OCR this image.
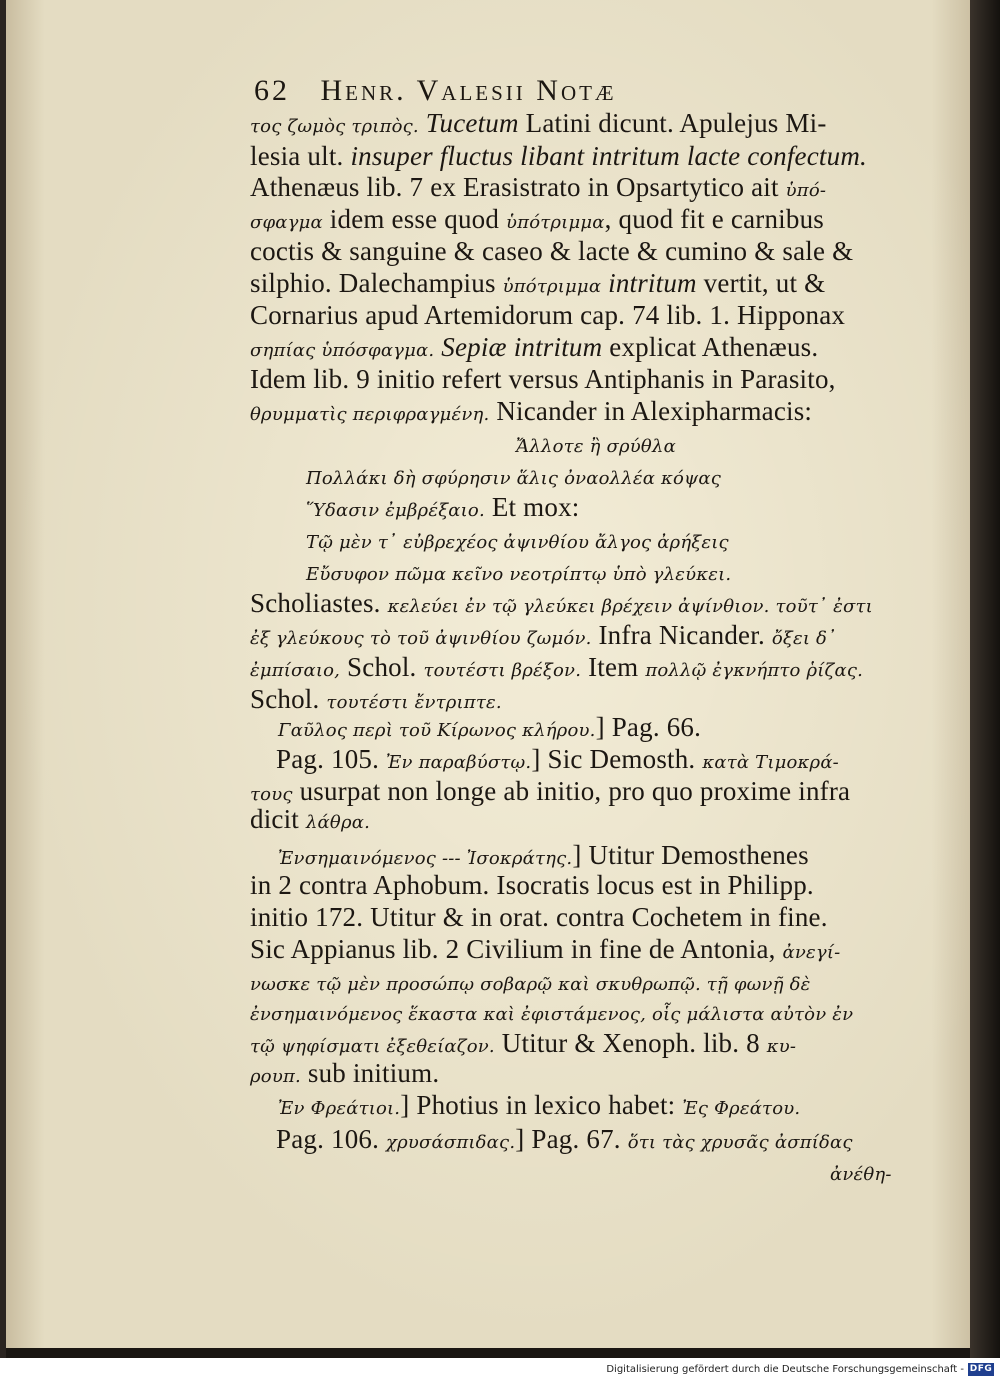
62 Henr. Valesii Notæ
τος ζωμὸς τριπὸς. Tucetum Latini dicunt. Apulejus Mi-
lesia ult. insuper fluctus libant intritum lacte confectum.
Athenæus lib. 7 ex Erasistrato in Opsartytico ait ὑπό-
σφαγμα idem esse quod ὑπότριμμα, quod fit e carnibus
coctis & sanguine & caseo & lacte & cumino & sale &
silphio. Dalechampius ὑπότριμμα intritum vertit, ut &
Cornarius apud Artemidorum cap. 74 lib. 1. Hipponax
σηπίας ὑπόσφαγμα. Sepiæ intritum explicat Athenæus.
Idem lib. 9 initio refert versus Antiphanis in Parasito,
θρυμματὶς περιφραγμένη. Nicander in Alexipharmacis:
Ἄλλοτε ἢ σρύθλα
Πολλάκι δὴ σφύρησιν ἅλις ὀναολλέα κόψας
Ὕδασιν ἐμβρέξαιο. Et mox:
Τῷ μὲν τ᾽ εὐβρεχέος ἀψινθίου ἄλγος ἀρήξεις
Εὔσυφον πῶμα κεῖνο νεοτρίπτῳ ὑπὸ γλεύκει.
Scholiastes. κελεύει ἐν τῷ γλεύκει βρέχειν ἀψίνθιον. τοῦτ᾽ ἐστι
ἐξ γλεύκους τὸ τοῦ ἀψινθίου ζωμόν. Infra Nicander. ὄξει δ᾽
ἐμπίσαιο, Schol. τουτέστι βρέξον. Item πολλῷ ἐγκνήπτο ῥίζας.
Schol. τουτέστι ἔντριπτε.
Γαῦλος περὶ τοῦ Κίρωνος κλήρου.] Pag. 66.
Pag. 105. Ἐν παραβύστῳ.] Sic Demosth. κατὰ Τιμοκρά-
τους usurpat non longe ab initio, pro quo proxime infra
dicit λάθρα.
Ἐνσημαινόμενος --- Ἰσοκράτης.] Utitur Demosthenes
in 2 contra Aphobum. Isocratis locus est in Philipp.
initio 172. Utitur & in orat. contra Cochetem in fine.
Sic Appianus lib. 2 Civilium in fine de Antonia, ἀνεγί-
νωσκε τῷ μὲν προσώπῳ σοβαρῷ καὶ σκυθρωπῷ. τῇ φωνῇ δὲ
ἐνσημαινόμενος ἕκαστα καὶ ἐφιστάμενος, οἷς μάλιστα αὐτὸν ἐν
τῷ ψηφίσματι ἐξεθείαζον. Utitur & Xenoph. lib. 8 κυ-
ρουπ. sub initium.
Ἐν Φρεάτιοι.] Photius in lexico habet: Ἐς Φρεάτου.
Pag. 106. χρυσάσπιδας.] Pag. 67. ὅτι τὰς χρυσᾶς ἀσπίδας
ἀνέθη-
Digitalisierung gefördert durch die Deutsche Forschungsgemeinschaft - DFG
